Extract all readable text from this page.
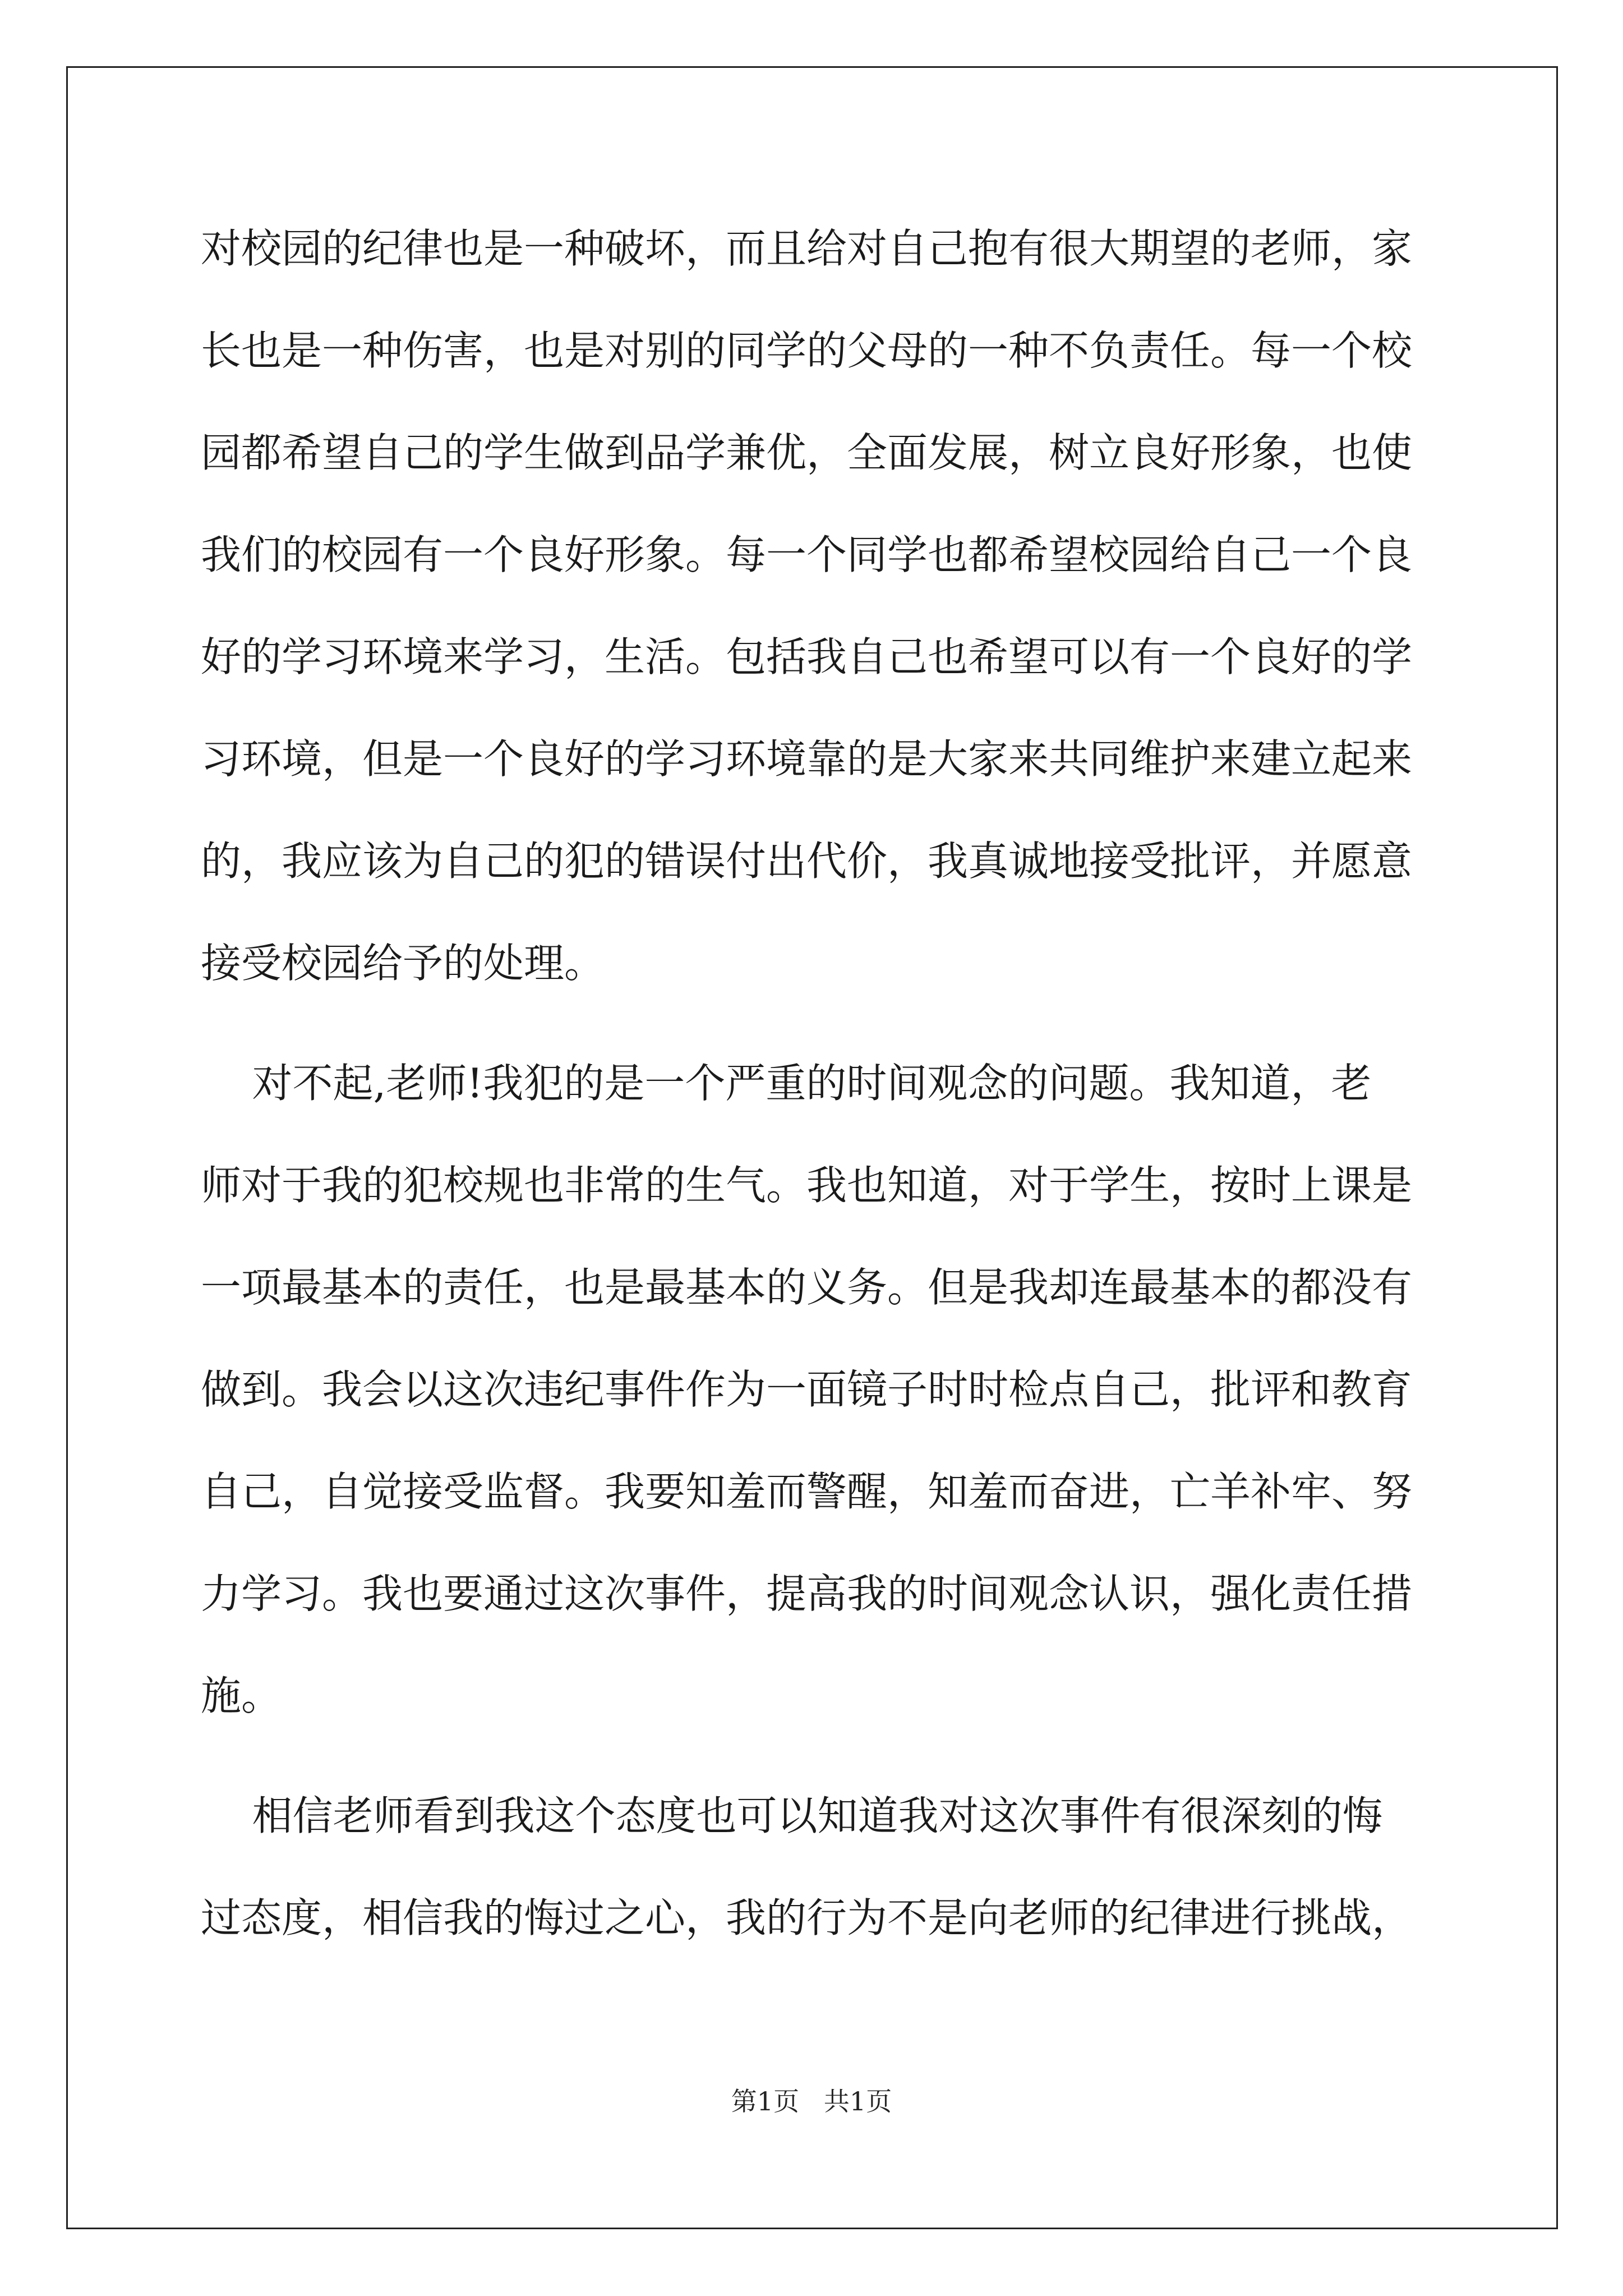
对校园的纪律也是一种破坏，而且给对自己抱有很大期望的老师，家
长也是一种伤害，也是对别的同学的父母的一种不负责任。每一个校
园都希望自己的学生做到品学兼优，全面发展，树立良好形象，也使
我们的校园有一个良好形象。每一个同学也都希望校园给自己一个良
好的学习环境来学习，生活。包括我自己也希望可以有一个良好的学
习环境，但是一个良好的学习环境靠的是大家来共同维护来建立起来
的，我应该为自己的犯的错误付出代价，我真诚地接受批评，并愿意
接受校园给予的处理。
对不起,老师!我犯的是一个严重的时间观念的问题。我知道，老
师对于我的犯校规也非常的生气。我也知道，对于学生，按时上课是
一项最基本的责任，也是最基本的义务。但是我却连最基本的都没有
做到。我会以这次违纪事件作为一面镜子时时检点自己，批评和教育
自己，自觉接受监督。我要知羞而警醒，知羞而奋进，亡羊补牢、努
力学习。我也要通过这次事件，提高我的时间观念认识，强化责任措
施。
相信老师看到我这个态度也可以知道我对这次事件有很深刻的悔
过态度，相信我的悔过之心，我的行为不是向老师的纪律进行挑战，
第1页   共1页
